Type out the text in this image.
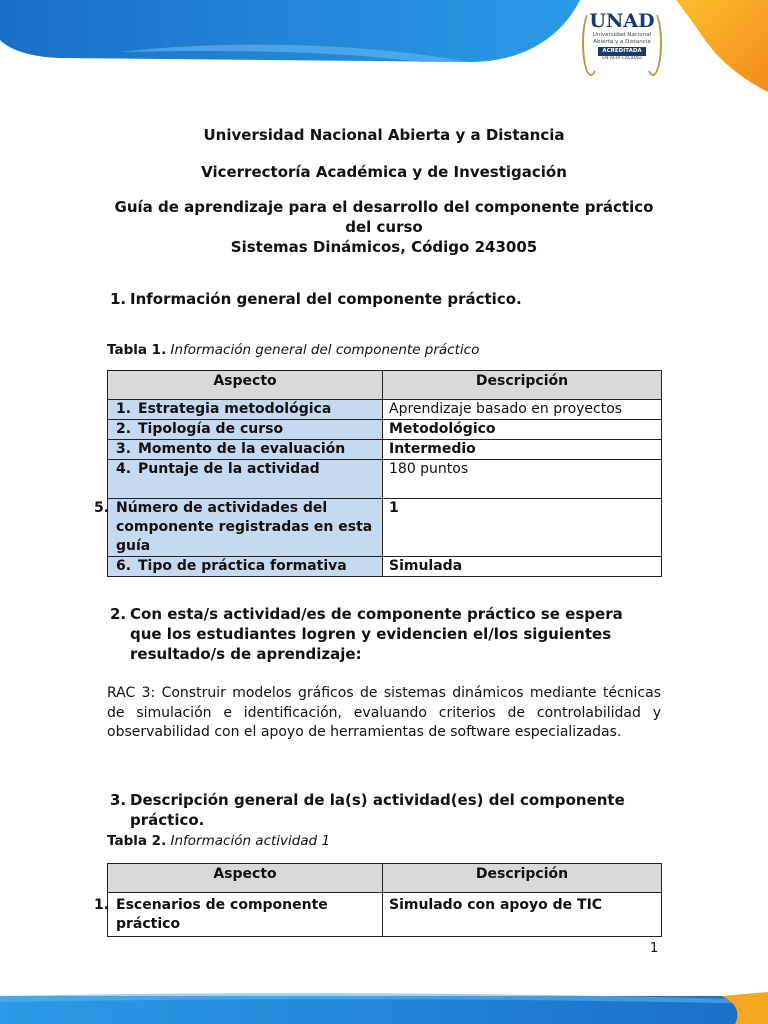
UNAD
Universidad Nacional
Abierta y a Distancia
ACREDITADA
EN ALTA CALIDAD
Universidad Nacional Abierta y a Distancia
Vicerrectoría Académica y de Investigación
Guía de aprendizaje para el desarrollo del componente práctico
del curso
Sistemas Dinámicos, Código 243005
1. Información general del componente práctico.
Tabla 1. Información general del componente práctico
Aspecto	Descripción
1. Estrategia metodológica	Aprendizaje basado en proyectos
2. Tipología de curso	Metodológico
3. Momento de la evaluación	Intermedio
4. Puntaje de la actividad	180 puntos
5. Número de actividades del componente registradas en esta guía	1
6. Tipo de práctica formativa	Simulada
2. Con esta/s actividad/es de componente práctico se espera
que los estudiantes logren y evidencien el/los siguientes
resultado/s de aprendizaje:
RAC 3: Construir modelos gráficos de sistemas dinámicos mediante técnicas de simulación e identificación, evaluando criterios de controlabilidad y observabilidad con el apoyo de herramientas de software especializadas.
3. Descripción general de la(s) actividad(es) del componente
práctico.
Tabla 2. Información actividad 1
Aspecto	Descripción
1. Escenarios de componente práctico	Simulado con apoyo de TIC
1
